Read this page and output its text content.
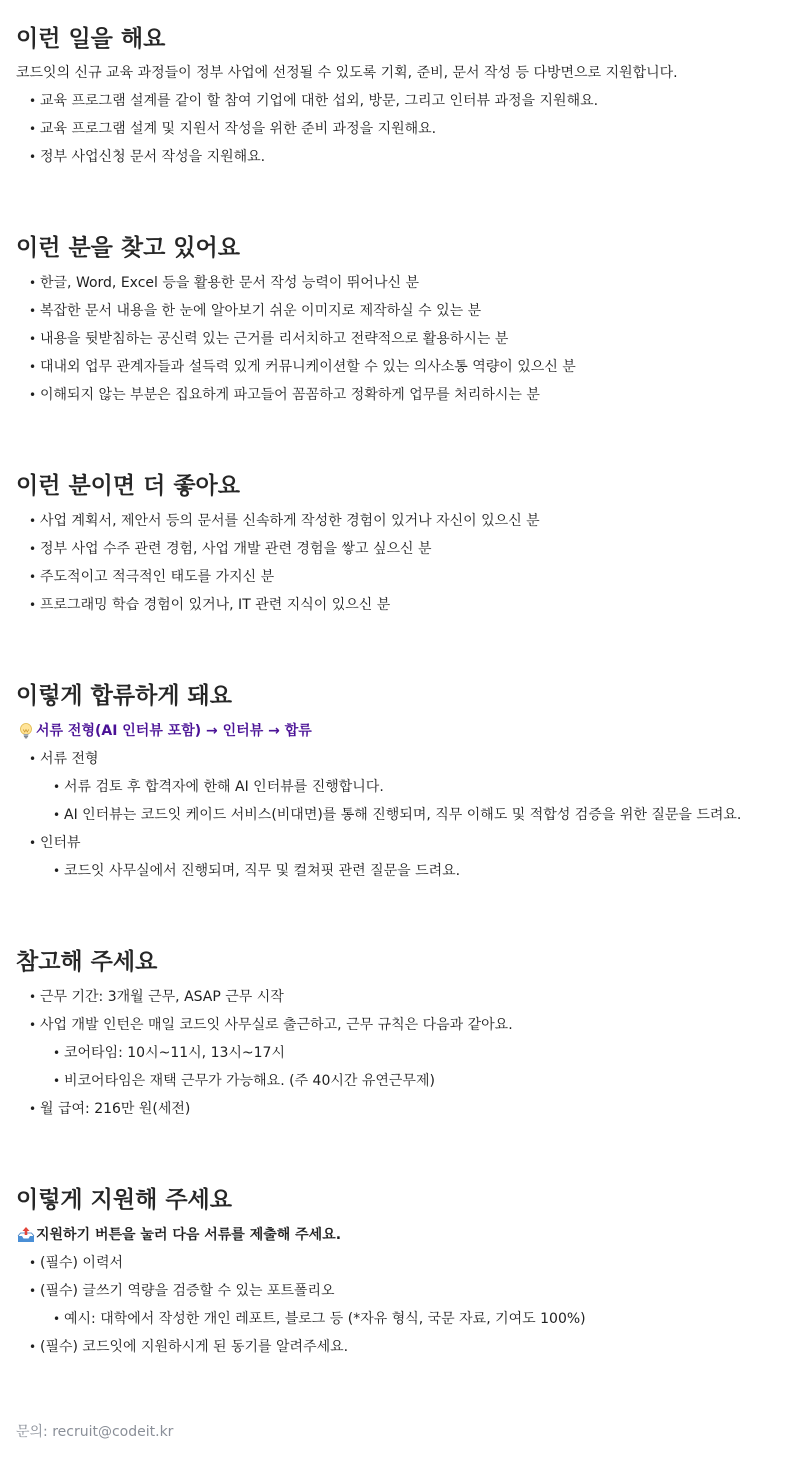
이런 일을 해요

코드잇의 신규 교육 과정들이 정부 사업에 선정될 수 있도록 기획, 준비, 문서 작성 등 다방면으로 지원합니다.

• 교육 프로그램 설계를 같이 할 참여 기업에 대한 섭외, 방문, 그리고 인터뷰 과정을 지원해요.
• 교육 프로그램 설계 및 지원서 작성을 위한 준비 과정을 지원해요.
• 정부 사업신청 문서 작성을 지원해요.
이런 분을 찾고 있어요
• 한글, Word, Excel 등을 활용한 문서 작성 능력이 뛰어나신 분
• 복잡한 문서 내용을 한 눈에 알아보기 쉬운 이미지로 제작하실 수 있는 분
• 내용을 뒷받침하는 공신력 있는 근거를 리서치하고 전략적으로 활용하시는 분
• 대내외 업무 관계자들과 설득력 있게 커뮤니케이션할 수 있는 의사소통 역량이 있으신 분
• 이해되지 않는 부분은 집요하게 파고들어 꼼꼼하고 정확하게 업무를 처리하시는 분
이런 분이면 더 좋아요
• 사업 계획서, 제안서 등의 문서를 신속하게 작성한 경험이 있거나 자신이 있으신 분
• 정부 사업 수주 관련 경험, 사업 개발 관련 경험을 쌓고 싶으신 분
• 주도적이고 적극적인 태도를 가지신 분
• 프로그래밍 학습 경험이 있거나, IT 관련 지식이 있으신 분
이렇게 합류하게 돼요
서류 전형(AI 인터뷰 포함) → 인터뷰 → 합류
• 서류 전형
• 서류 검토 후 합격자에 한해 AI 인터뷰를 진행합니다.
• AI 인터뷰는 코드잇 케이드 서비스(비대면)를 통해 진행되며, 직무 이해도 및 적합성 검증을 위한 질문을 드려요.
• 인터뷰
• 코드잇 사무실에서 진행되며, 직무 및 컬쳐핏 관련 질문을 드려요.
참고해 주세요
• 근무 기간: 3개월 근무, ASAP 근무 시작
• 사업 개발 인턴은 매일 코드잇 사무실로 출근하고, 근무 규칙은 다음과 같아요.
• 코어타임: 10시~11시, 13시~17시
• 비코어타임은 재택 근무가 가능해요. (주 40시간 유연근무제)
• 월 급여: 216만 원(세전)
이렇게 지원해 주세요
지원하기 버튼을 눌러 다음 서류를 제출해 주세요.
• (필수) 이력서
• (필수) 글쓰기 역량을 검증할 수 있는 포트폴리오
• 예시: 대학에서 작성한 개인 레포트, 블로그 등 (*자유 형식, 국문 자료, 기여도 100%)
• (필수) 코드잇에 지원하시게 된 동기를 알려주세요.

문의: recruit@codeit.kr
